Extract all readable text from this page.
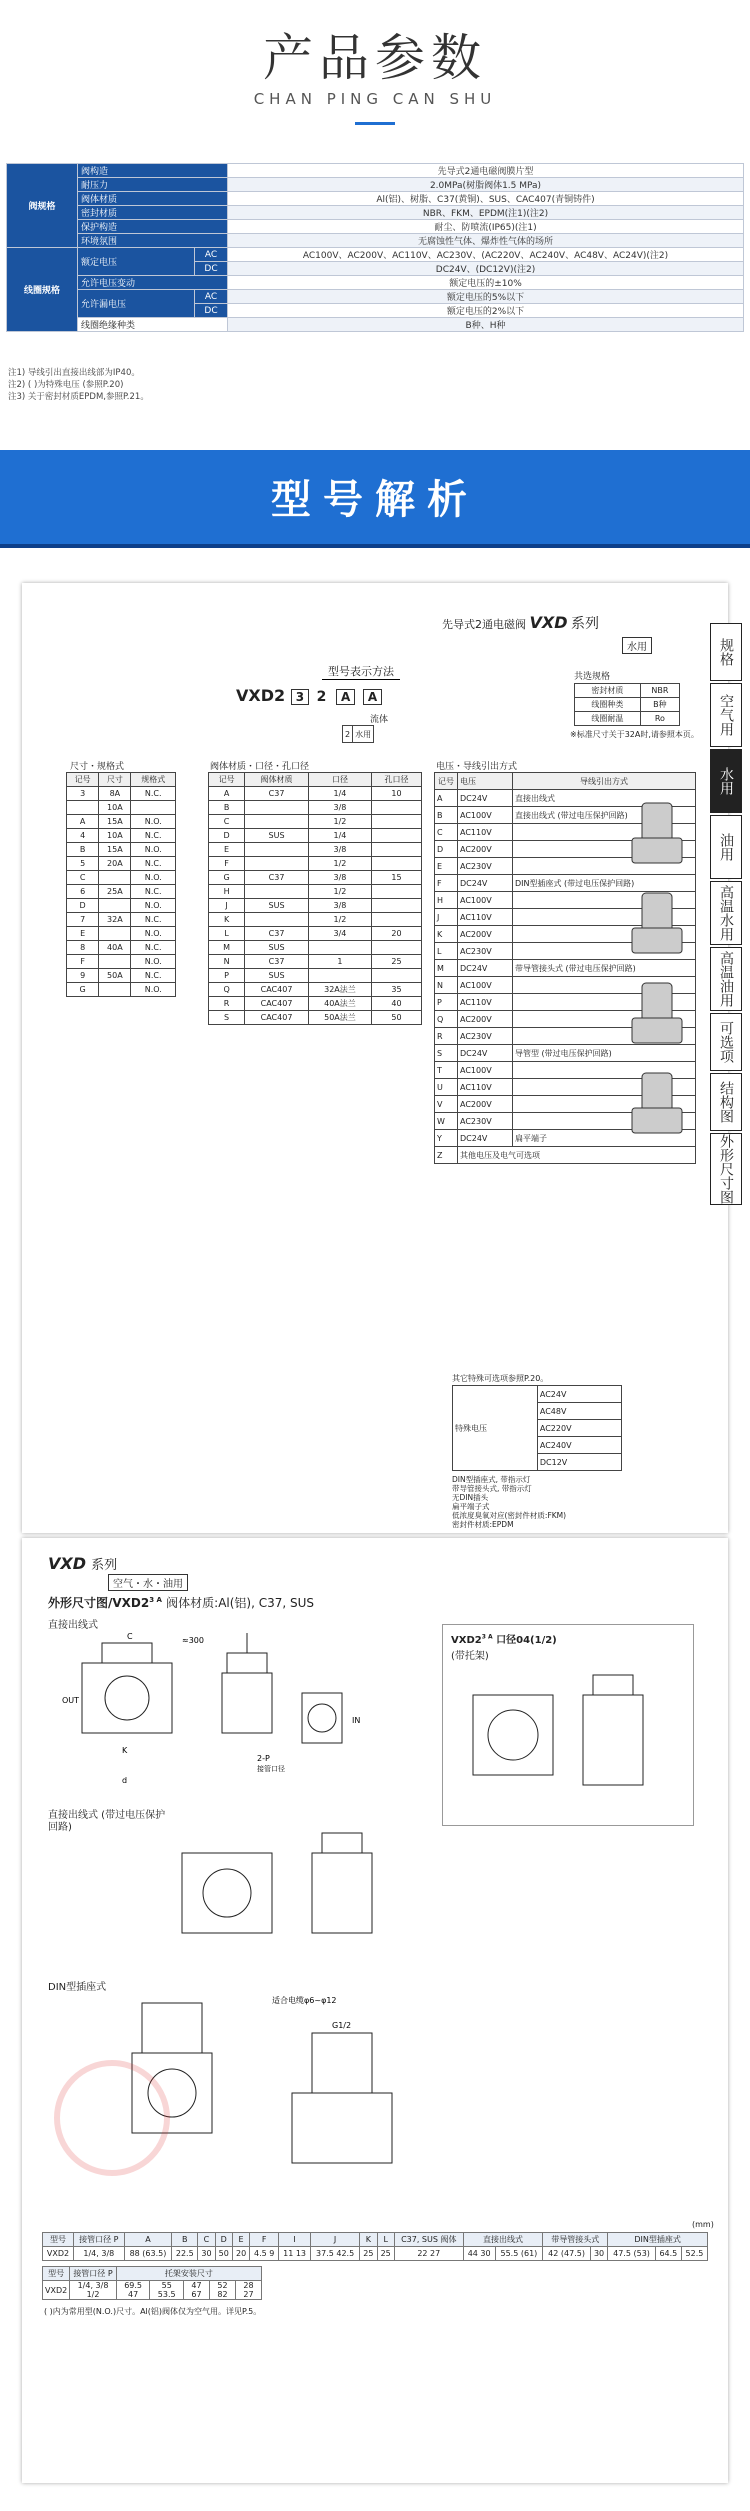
产品参数
CHAN PING CAN SHU
阀规格	阀构造		先导式2通电磁阀膜片型
	耐压力		2.0MPa(树脂阀体1.5 MPa)
	阀体材质		Al(铝)、树脂、C37(黄铜)、SUS、CAC407(青铜铸件)
	密封材质		NBR、FKM、EPDM(注1)(注2)
	保护构造		耐尘、防喷流(IP65)(注1)
	环境氛围		无腐蚀性气体、爆炸性气体的场所
线圈规格	额定电压	AC	AC100V、AC200V、AC110V、AC230V、(AC220V、AC240V、AC48V、AC24V)(注2)
		DC	DC24V、(DC12V)(注2)
	允许电压变动		额定电压的±10%
	允许漏电压	AC	额定电压的5%以下
		DC	额定电压的2%以下
	线圈绝缘种类		B种、H种
注1) 导线引出直接出线部为IP40。
注2) ( )为特殊电压 (参照P.20)
注3) 关于密封材质EPDM,参照P.21。
型号解析
先导式2通电磁阀 VXD 系列
水用
型号表示方法
VXD2 3 2 A A
流体
2	水用
尺寸・规格式
记号	尺寸	规格式
3	8A	N.C.
	10A	
A	15A	N.O.
4	10A	N.C.
B	15A	N.O.
5	20A	N.C.
C		N.O.
6	25A	N.C.
D		N.O.
7	32A	N.C.
E		N.O.
8	40A	N.C.
F		N.O.
9	50A	N.C.
G		N.O.
阀体材质・口径・孔口径
记号	阀体材质	口径	孔口径
A	C37	1/4	10
B		3/8	
C		1/2	
D	SUS	1/4	
E		3/8	
F		1/2	
G	C37	3/8	15
H		1/2	
J	SUS	3/8	
K		1/2	
L	C37	3/4	20
M	SUS		
N	C37	1	25
P	SUS		
Q	CAC407	32A法兰	35
R	CAC407	40A法兰	40
S	CAC407	50A法兰	50
共选规格
密封材质	NBR
线圈种类	B种
线圈耐温	Ro
※标准尺寸关于32A时,请参照本页。
电压・导线引出方式
记号	电压	导线引出方式
A	DC24V	直接出线式
B	AC100V	直接出线式 (带过电压保护回路)
C	AC110V	
D	AC200V	
E	AC230V	
F	DC24V	DIN型插座式 (带过电压保护回路)
H	AC100V	
J	AC110V	
K	AC200V	
L	AC230V	
M	DC24V	带导管接头式 (带过电压保护回路)
N	AC100V	
P	AC110V	
Q	AC200V	
R	AC230V	
S	DC24V	导管型 (带过电压保护回路)
T	AC100V	
U	AC110V	
V	AC200V	
W	AC230V	
Y	DC24V	扁平端子
Z	其他电压及电气可选项	
其它特殊可选项参照P.20。
特殊电压	AC24V
AC48V
AC220V
AC240V
DC12V
DIN型插座式, 带指示灯
带导管接头式, 带指示灯
无DIN插头
扁平端子式
低浓度臭氧对应(密封件材质:FKM)
密封件材质:EPDM
规格
空气用
水用
油用
高温水用
高温油用
可选项
结构图
外形尺寸图
VXD 系列
空气・水・油用
外形尺寸图$/VXD2^{3 A}$ 阀体材质:Al(铝), C37, SUS
直接出线式
OUT
IN
2-P
接管口径
≈300
K
d
C	$VXD2^{3 A}$ 口径04(1/2)
(带托架)
直接出线式 (带过电压保护回路)
DIN型插座式
适合电缆φ6~φ12
G1/2
(mm)
型号	接管口径 P	A	B	C	D	E	F	I	J	K	L	C37, SUS 阀体	直接出线式		带导管接头式		DIN型插座式		
VXD2	1/4, 3/8	88 (63.5)	22.5	30	50	20	4.5 9	11 13	37.5 42.5	25	25	22 27	44 30	55.5 (61)	42 (47.5)	30	47.5 (53)	64.5	52.5
型号	接管口径 P	托架安装尺寸				
VXD2	1/4, 3/8 1/2	69.5 47	55 53.5	47 67	52 82	28 27
( )内为常用型(N.O.)尺寸。Al(铝)阀体仅为空气用。详见P.5。
